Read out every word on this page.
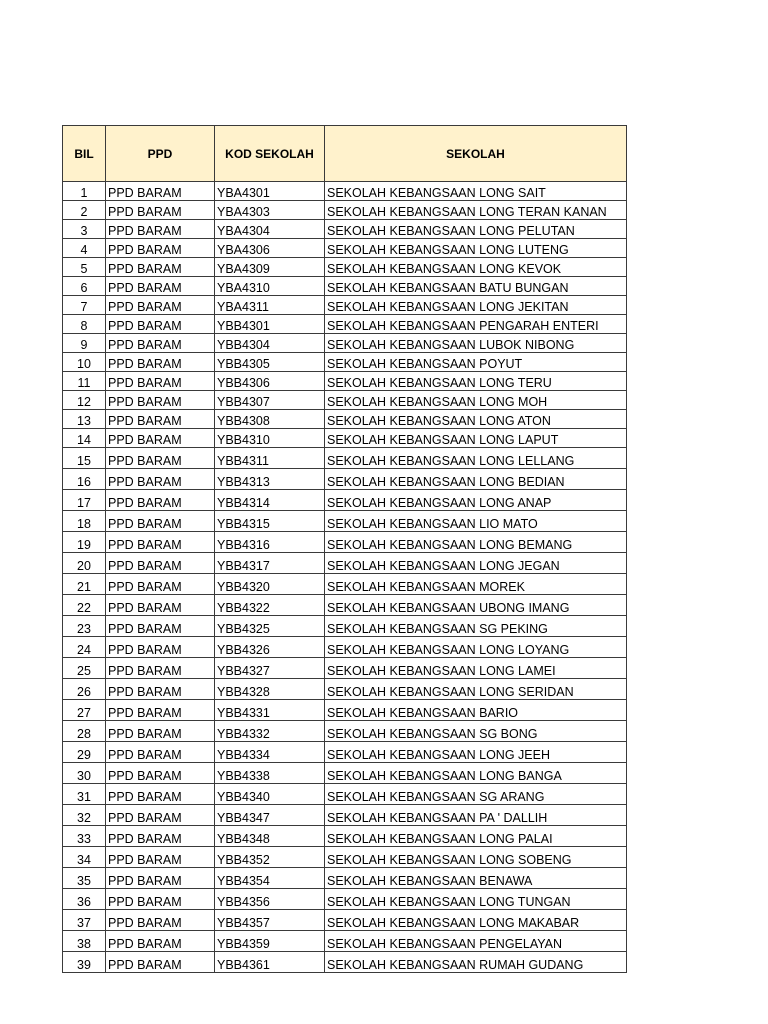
BIL	PPD	KOD SEKOLAH	SEKOLAH
1	PPD BARAM	YBA4301	SEKOLAH KEBANGSAAN LONG SAIT
2	PPD BARAM	YBA4303	SEKOLAH KEBANGSAAN LONG TERAN KANAN
3	PPD BARAM	YBA4304	SEKOLAH KEBANGSAAN LONG PELUTAN
4	PPD BARAM	YBA4306	SEKOLAH KEBANGSAAN LONG LUTENG
5	PPD BARAM	YBA4309	SEKOLAH KEBANGSAAN LONG KEVOK
6	PPD BARAM	YBA4310	SEKOLAH KEBANGSAAN BATU BUNGAN
7	PPD BARAM	YBA4311	SEKOLAH KEBANGSAAN LONG JEKITAN
8	PPD BARAM	YBB4301	SEKOLAH KEBANGSAAN PENGARAH ENTERI
9	PPD BARAM	YBB4304	SEKOLAH KEBANGSAAN LUBOK NIBONG
10	PPD BARAM	YBB4305	SEKOLAH KEBANGSAAN POYUT
11	PPD BARAM	YBB4306	SEKOLAH KEBANGSAAN LONG TERU
12	PPD BARAM	YBB4307	SEKOLAH KEBANGSAAN LONG MOH
13	PPD BARAM	YBB4308	SEKOLAH KEBANGSAAN LONG ATON
14	PPD BARAM	YBB4310	SEKOLAH KEBANGSAAN LONG LAPUT
15	PPD BARAM	YBB4311	SEKOLAH KEBANGSAAN LONG LELLANG
16	PPD BARAM	YBB4313	SEKOLAH KEBANGSAAN LONG BEDIAN
17	PPD BARAM	YBB4314	SEKOLAH KEBANGSAAN LONG ANAP
18	PPD BARAM	YBB4315	SEKOLAH KEBANGSAAN LIO MATO
19	PPD BARAM	YBB4316	SEKOLAH KEBANGSAAN LONG BEMANG
20	PPD BARAM	YBB4317	SEKOLAH KEBANGSAAN LONG JEGAN
21	PPD BARAM	YBB4320	SEKOLAH KEBANGSAAN MOREK
22	PPD BARAM	YBB4322	SEKOLAH KEBANGSAAN UBONG IMANG
23	PPD BARAM	YBB4325	SEKOLAH KEBANGSAAN SG PEKING
24	PPD BARAM	YBB4326	SEKOLAH KEBANGSAAN LONG LOYANG
25	PPD BARAM	YBB4327	SEKOLAH KEBANGSAAN LONG LAMEI
26	PPD BARAM	YBB4328	SEKOLAH KEBANGSAAN LONG SERIDAN
27	PPD BARAM	YBB4331	SEKOLAH KEBANGSAAN BARIO
28	PPD BARAM	YBB4332	SEKOLAH KEBANGSAAN SG BONG
29	PPD BARAM	YBB4334	SEKOLAH KEBANGSAAN LONG JEEH
30	PPD BARAM	YBB4338	SEKOLAH KEBANGSAAN LONG BANGA
31	PPD BARAM	YBB4340	SEKOLAH KEBANGSAAN SG ARANG
32	PPD BARAM	YBB4347	SEKOLAH KEBANGSAAN PA ' DALLIH
33	PPD BARAM	YBB4348	SEKOLAH KEBANGSAAN LONG PALAI
34	PPD BARAM	YBB4352	SEKOLAH KEBANGSAAN LONG SOBENG
35	PPD BARAM	YBB4354	SEKOLAH KEBANGSAAN BENAWA
36	PPD BARAM	YBB4356	SEKOLAH KEBANGSAAN LONG TUNGAN
37	PPD BARAM	YBB4357	SEKOLAH KEBANGSAAN LONG MAKABAR
38	PPD BARAM	YBB4359	SEKOLAH KEBANGSAAN PENGELAYAN
39	PPD BARAM	YBB4361	SEKOLAH KEBANGSAAN RUMAH GUDANG
